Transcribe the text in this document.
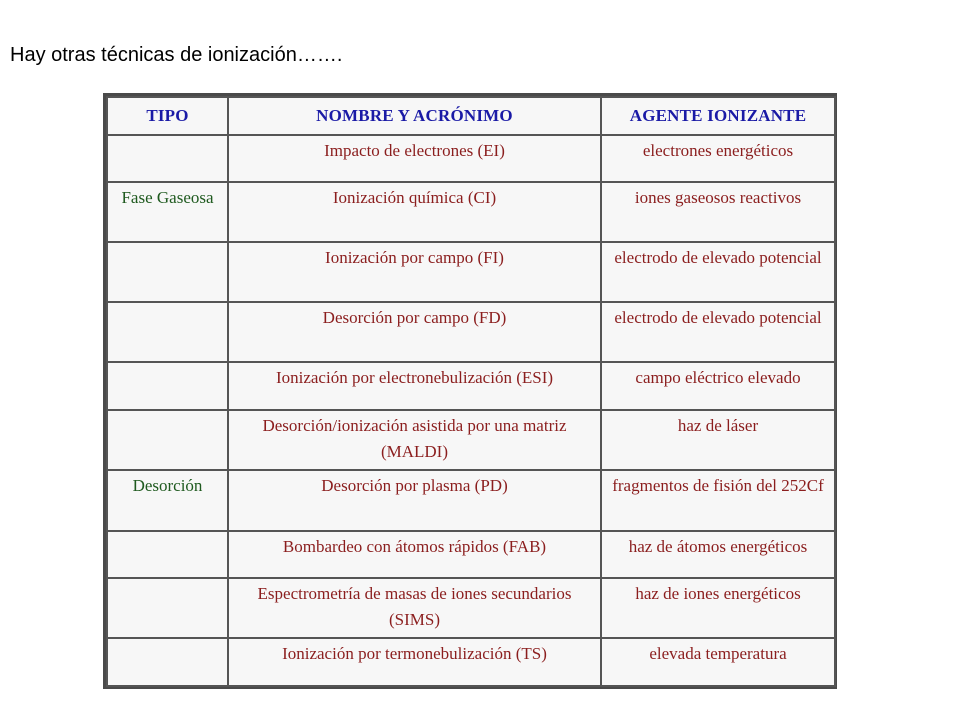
Hay otras técnicas de ionización…….
TIPO	NOMBRE Y ACRÓNIMO	AGENTE IONIZANTE
	Impacto de electrones (EI)	electrones energéticos
Fase Gaseosa	Ionización química (CI)	iones gaseosos reactivos
	Ionización por campo (FI)	electrodo de elevado potencial
	Desorción por campo (FD)	electrodo de elevado potencial
	Ionización por electronebulización (ESI)	campo eléctrico elevado
	Desorción/ionización asistida por una matriz (MALDI)	haz de láser
Desorción	Desorción por plasma (PD)	fragmentos de fisión del 252Cf
	Bombardeo con átomos rápidos (FAB)	haz de átomos energéticos
	Espectrometría de masas de iones secundarios (SIMS)	haz de iones energéticos
	Ionización por termonebulización (TS)	elevada temperatura
